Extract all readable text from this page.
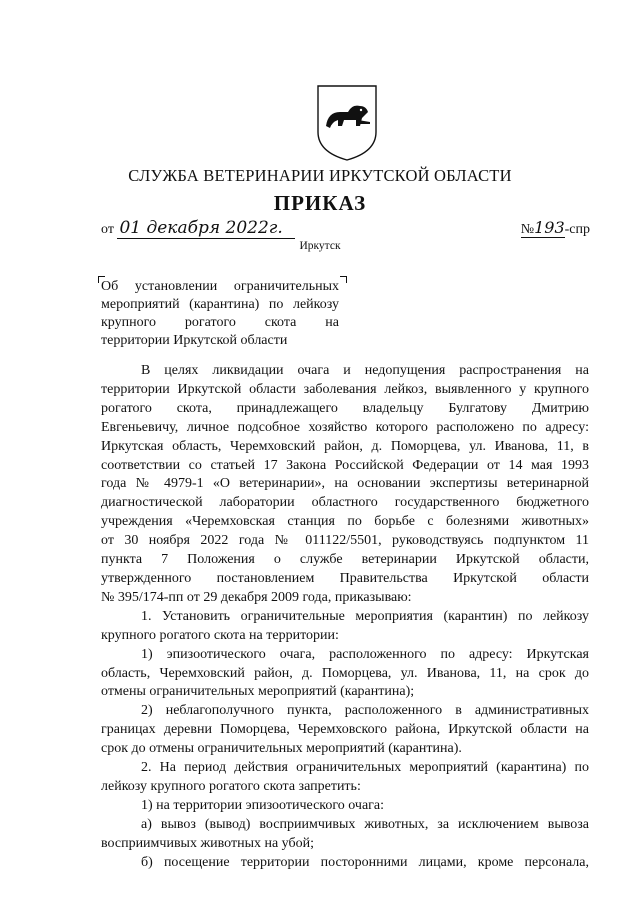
СЛУЖБА ВЕТЕРИНАРИИ ИРКУТСКОЙ ОБЛАСТИ
ПРИКАЗ
от 01 декабря 2022г.	№193-спр
Иркутск
Об установлении ограничительных
мероприятий (карантина) по лейкозу
крупного рогатого скота на
территории Иркутской области
В целях ликвидации очага и недопущения распространения на
территории Иркутской области заболевания лейкоз, выявленного у крупного
рогатого скота, принадлежащего владельцу Булгатову Дмитрию
Евгеньевичу, личное подсобное хозяйство которого расположено по адресу:
Иркутская область, Черемховский район, д. Поморцева, ул. Иванова, 11, в
соответствии со статьей 17 Закона Российской Федерации от 14 мая 1993
года № 4979-1 «О ветеринарии», на основании экспертизы ветеринарной
диагностической лаборатории областного государственного бюджетного
учреждения «Черемховская станция по борьбе с болезнями животных»
от 30 ноября 2022 года № 011122/5501, руководствуясь подпунктом 11
пункта 7 Положения о службе ветеринарии Иркутской области,
утвержденного постановлением Правительства Иркутской области
№ 395/174-пп от 29 декабря 2009 года, приказываю:
1. Установить ограничительные мероприятия (карантин) по лейкозу
крупного рогатого скота на территории:
1) эпизоотического очага, расположенного по адресу: Иркутская
область, Черемховский район, д. Поморцева, ул. Иванова, 11, на срок до
отмены ограничительных мероприятий (карантина);
2) неблагополучного пункта, расположенного в административных
границах деревни Поморцева, Черемховского района, Иркутской области на
срок до отмены ограничительных мероприятий (карантина).
2. На период действия ограничительных мероприятий (карантина) по
лейкозу крупного рогатого скота запретить:
1) на территории эпизоотического очага:
а) вывоз (вывод) восприимчивых животных, за исключением вывоза
восприимчивых животных на убой;
б) посещение территории посторонними лицами, кроме персонала,
